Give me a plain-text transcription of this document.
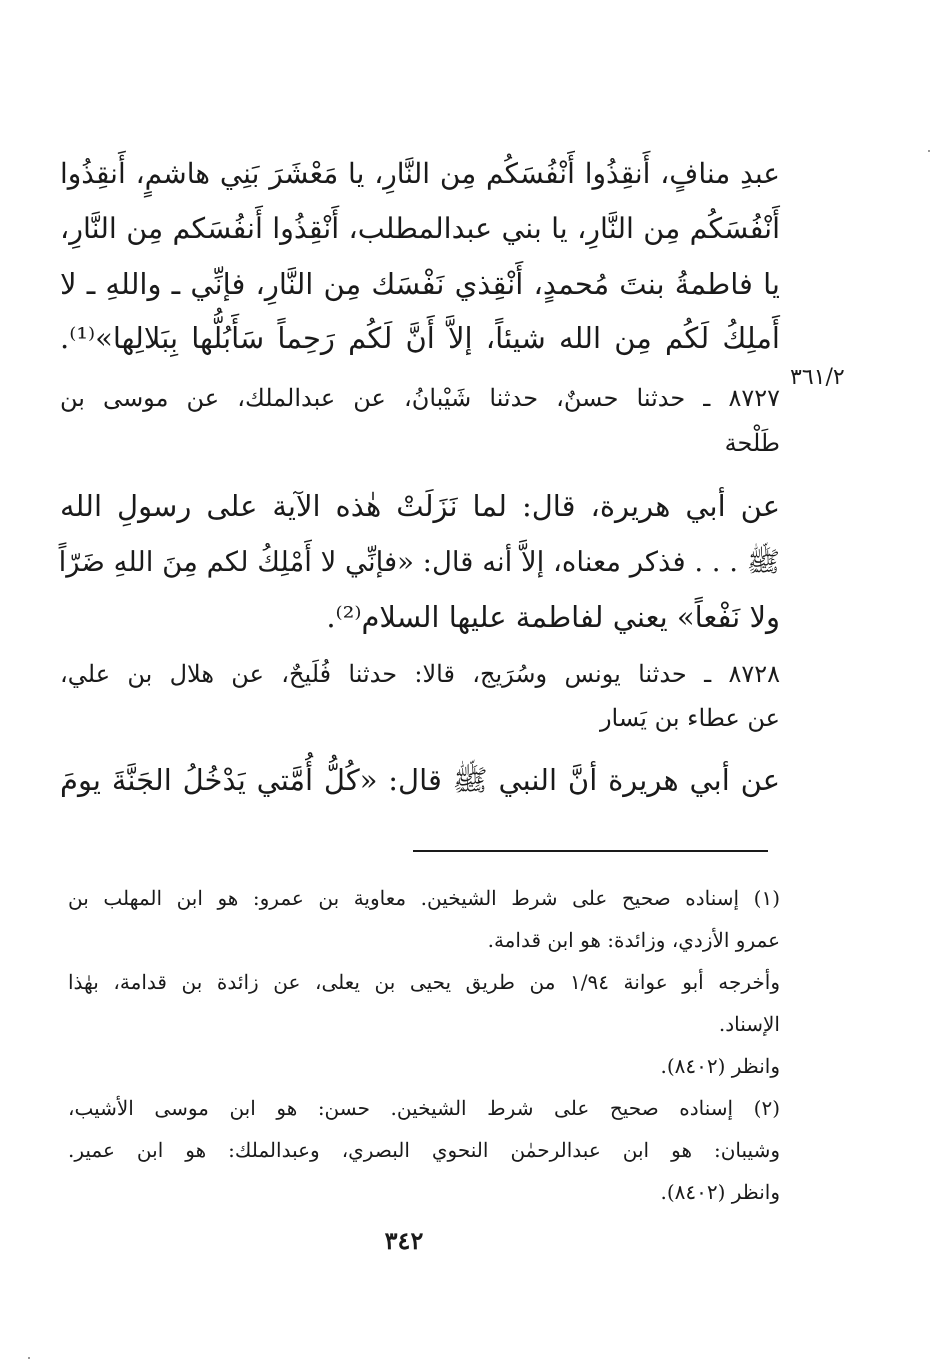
عبدِ منافٍ، أَنقِذُوا أَنْفُسَكُم مِن النَّارِ، يا مَعْشَرَ بَنِي هاشمٍ، أَنقِذُوا
أَنْفُسَكُم مِن النَّارِ، يا بني عبدالمطلب، أَنْقِذُوا أَنفُسَكم مِن النَّارِ،
يا فاطمةُ بنتَ مُحمدٍ، أَنْقِذي نَفْسَك مِن النَّارِ، فإنِّي ـ واللهِ ـ لا
أَملِكُ لَكُم مِن الله شيئاً، إلاَّ أَنَّ لَكُم رَحِماً سَأَبُلُّها بِبَلالِها»⁽¹⁾.
٣٦١/٢
٨٧٢٧ ـ حدثنا حسنٌ، حدثنا شَيْبانُ، عن عبدالملك، عن موسى بن
طَلْحة
عن أبي هريرة، قال: لما نَزَلَتْ هٰذه الآية على رسولِ الله
ﷺ . . . فذكر معناه، إلاَّ أنه قال: «فإنِّي لا أَمْلِكُ لكم مِنَ اللهِ ضَرّاً
ولا نَفْعاً» يعني لفاطمة عليها السلام⁽²⁾.
٨٧٢٨ ـ حدثنا يونس وسُرَيج، قالا: حدثنا فُلَيحٌ، عن هلال بن علي،
عن عطاء بن يَسار
عن أبي هريرة أنَّ النبي ﷺ قال: «كُلُّ أُمَّتي يَدْخُلُ الجَنَّةَ يومَ
(١) إسناده صحيح على شرط الشيخين. معاوية بن عمرو: هو ابن المهلب بن
عمرو الأزدي، وزائدة: هو ابن قدامة.
وأخرجه أبو عوانة ١/٩٤ من طريق يحيى بن يعلى، عن زائدة بن قدامة، بهٰذا
الإسناد.
وانظر (٨٤٠٢).
(٢) إسناده صحيح على شرط الشيخين. حسن: هو ابن موسى الأشيب،
وشيبان: هو ابن عبدالرحمٰن النحوي البصري، وعبدالملك: هو ابن عمير.
وانظر (٨٤٠٢).
٣٤٢
